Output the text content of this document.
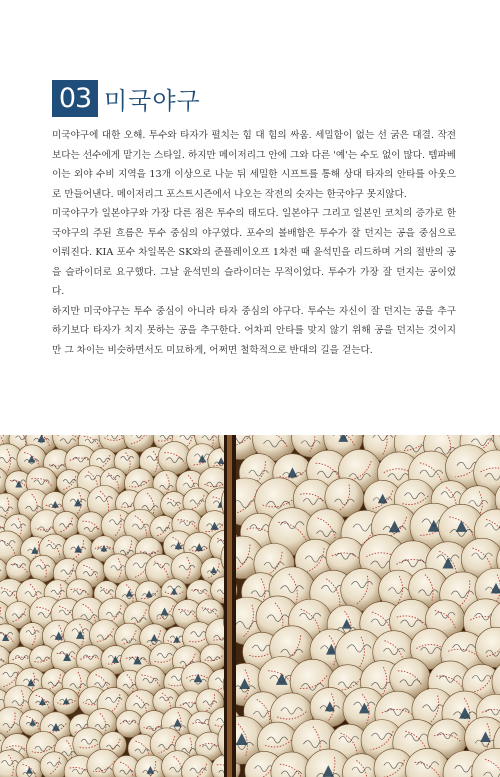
03 미국야구

미국야구에 대한 오해. 투수와 타자가 펼치는 힘 대 힘의 싸움. 세밀함이 없는 선 굵은 대결. 작전보다는 선수에게 맡기는 스타일. 하지만 메이저리그 안에 그와 다른 '예'는 수도 없이 많다. 템파베이는 외야 수비 지역을 13개 이상으로 나눈 뒤 세밀한 시프트를 통해 상대 타자의 안타를 아웃으로 만들어낸다. 메이저리그 포스트시즌에서 나오는 작전의 숫자는 한국야구 못지않다.

미국야구가 일본야구와 가장 다른 점은 투수의 태도다. 일본야구 그리고 일본인 코치의 증가로 한국야구의 주된 흐름은 투수 중심의 야구였다. 포수의 볼배합은 투수가 잘 던지는 공을 중심으로 이뤄진다. KIA 포수 차일목은 SK와의 준플레이오프 1차전 때 윤석민을 리드하며 거의 절반의 공을 슬라이더로 요구했다. 그날 윤석민의 슬라이더는 무적이었다. 투수가 가장 잘 던지는 공이었다.

하지만 미국야구는 투수 중심이 아니라 타자 중심의 야구다. 투수는 자신이 잘 던지는 공을 추구하기보다 타자가 치지 못하는 공을 추구한다. 어차피 안타를 맞지 않기 위해 공을 던지는 것이지만 그 차이는 비슷하면서도 미묘하게, 어쩌면 철학적으로 반대의 길을 걷는다.
